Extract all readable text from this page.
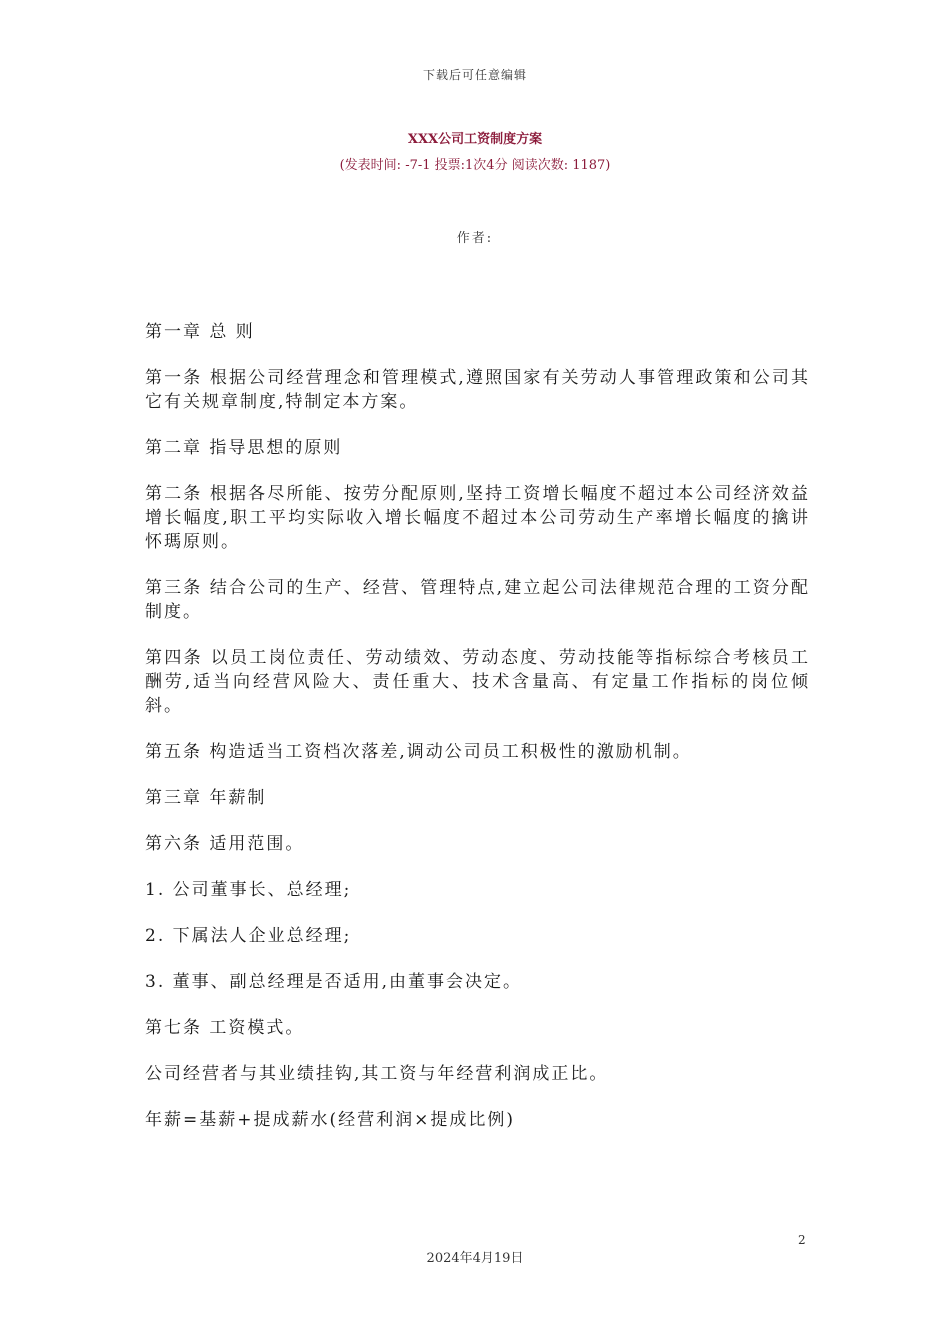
下载后可任意编辑
XXX公司工资制度方案
(发表时间: -7-1 投票:1次4分 阅读次数: 1187)
作者:

第一章 总 则

第一条 根据公司经营理念和管理模式,遵照国家有关劳动人事管理政策和公司其它有关规章制度,特制定本方案。

第二章 指导思想的原则

第二条 根据各尽所能、按劳分配原则,坚持工资增长幅度不超过本公司经济效益增长幅度,职工平均实际收入增长幅度不超过本公司劳动生产率增长幅度的擒讲怀瑪原则。

第三条 结合公司的生产、经营、管理特点,建立起公司法律规范合理的工资分配制度。

第四条 以员工岗位责任、劳动绩效、劳动态度、劳动技能等指标综合考核员工酬劳,适当向经营风险大、责任重大、技术含量高、有定量工作指标的岗位倾斜。

第五条 构造适当工资档次落差,调动公司员工积极性的激励机制。

第三章 年薪制

第六条 适用范围。

1. 公司董事长、总经理;

2. 下属法人企业总经理;

3. 董事、副总经理是否适用,由董事会决定。

第七条 工资模式。

公司经营者与其业绩挂钩,其工资与年经营利润成正比。

年薪=基薪+提成薪水(经营利润×提成比例)

2
2024年4月19日
